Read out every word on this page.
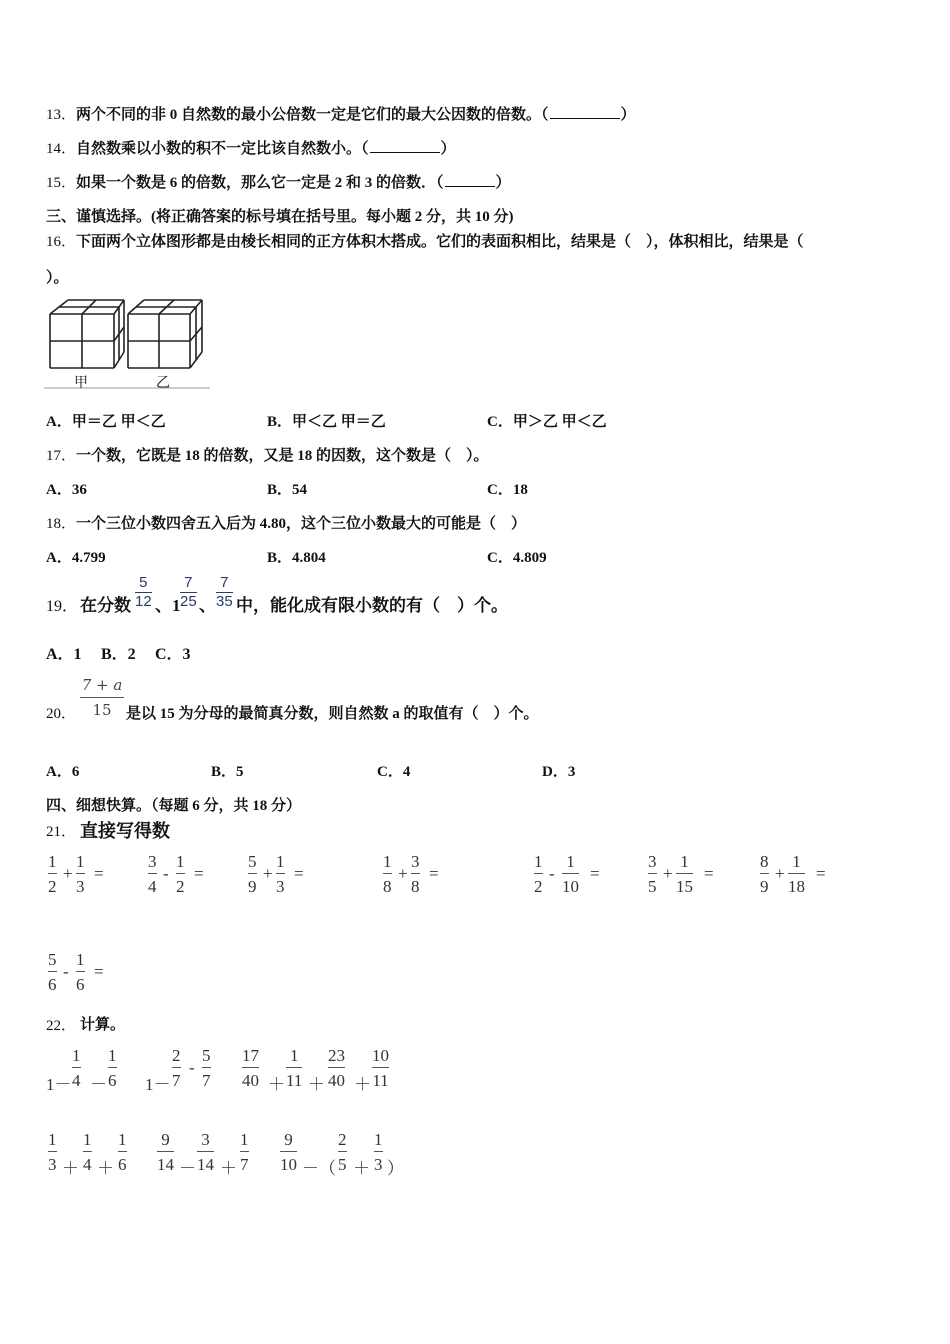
13．两个不同的非 0 自然数的最小公倍数一定是它们的最大公因数的倍数。（	）
14．自然数乘以小数的积不一定比该自然数小。（	）
15．如果一个数是 6 的倍数，那么它一定是 2 和 3 的倍数．（	）
三、谨慎选择。(将正确答案的标号填在括号里。每小题 2 分，共 10 分)
16．下面两个立体图形都是由棱长相同的正方体积木搭成。它们的表面积相比，结果是（　），体积相比，结果是（
）。
甲	乙
A．甲＝乙 甲＜乙	B．甲＜乙 甲＝乙	C．甲＞乙 甲＜乙
17．一个数，它既是 18 的倍数，又是 18 的因数，这个数是（　）。
A．36	B．54	C．18
18．一个三位小数四舍五入后为 4.80，这个三位小数最大的可能是（　）
A．4.799	B．4.804	C．4.809
19． 在分数
5
12 、1
7
25 、
7
35 中，能化成有限小数的有（　）个。
A．1 B．2 C．3
20．
7 + a
15 是以 15 为分母的最简真分数，则自然数 a 的取值有（　）个。
A．6	B．5	C．4	D．3
四、细想快算。（每题 6 分，共 18 分）
21． 直接写得数
1
2
+
1
3
=
3
4
-
1
2
=
5
9
+
1
3
=
1
8
+
3
8
=
1
2
-
1
10
=
3
5
+
1
15
=
8
9
+
1
18
=
5
6
-
1
6
=
22． 计算。
1－
1
4 －
1
6 1－
2
7
-
5
7
17
40 ＋
1
11 ＋
23
40 ＋
10
11
1
3 ＋
1
4 ＋
1
6
9
14 －
3
14 ＋
1
7
9
10 －（
2
5 ＋
1
3 ）
